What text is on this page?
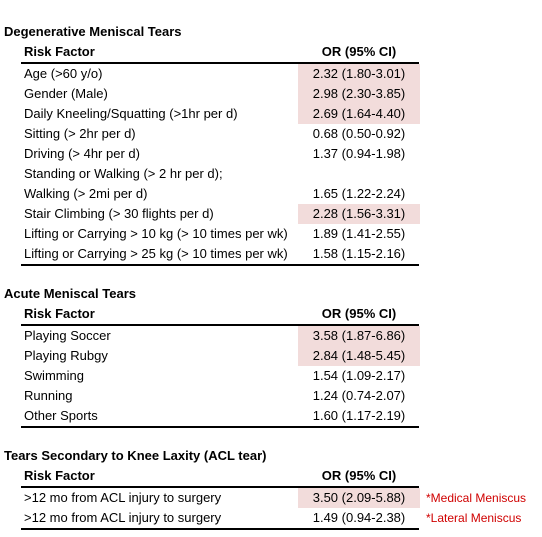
Degenerative Meniscal Tears
Risk Factor	OR (95% CI)
Age (>60 y/o)	2.32 (1.80-3.01)
Gender (Male)	2.98 (2.30-3.85)
Daily Kneeling/Squatting (>1hr per d)	2.69 (1.64-4.40)
Sitting (> 2hr per d)	0.68 (0.50-0.92)
Driving (> 4hr per d)	1.37 (0.94-1.98)
Standing or Walking (> 2 hr per d);
Walking (> 2mi per d)	1.65 (1.22-2.24)
Stair Climbing (> 30 flights per d)	2.28 (1.56-3.31)
Lifting or Carrying > 10 kg (> 10 times per wk)	1.89 (1.41-2.55)
Lifting or Carrying > 25 kg (> 10 times per wk)	1.58 (1.15-2.16)
Acute Meniscal Tears
Risk Factor	OR (95% CI)
Playing Soccer	3.58 (1.87-6.86)
Playing Rubgy	2.84 (1.48-5.45)
Swimming	1.54 (1.09-2.17)
Running	1.24 (0.74-2.07)
Other Sports	1.60 (1.17-2.19)
Tears Secondary to Knee Laxity (ACL tear)
Risk Factor	OR (95% CI)
>12 mo from ACL injury to surgery	3.50 (2.09-5.88)	*Medical Meniscus
>12 mo from ACL injury to surgery	1.49 (0.94-2.38)	*Lateral Meniscus
